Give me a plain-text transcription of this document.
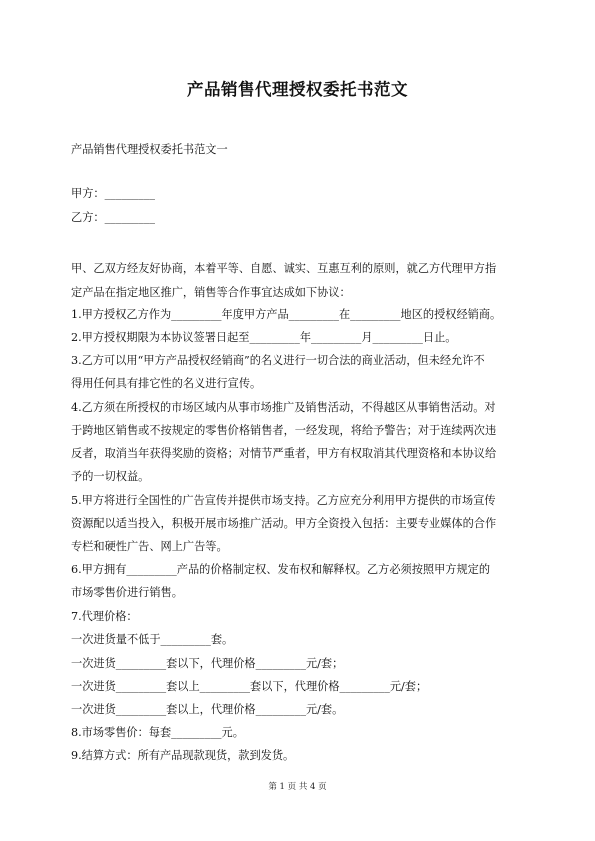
产品销售代理授权委托书范文
产品销售代理授权委托书范文一
甲方：_________
乙方：_________
甲、乙双方经友好协商，本着平等、自愿、诚实、互惠互利的原则，就乙方代理甲方指
定产品在指定地区推广，销售等合作事宜达成如下协议：
1.甲方授权乙方作为_________年度甲方产品_________在_________地区的授权经销商。
2.甲方授权期限为本协议签署日起至_________年_________月_________日止。
3.乙方可以用“甲方产品授权经销商”的名义进行一切合法的商业活动，但未经允许不
得用任何具有排它性的名义进行宣传。
4.乙方须在所授权的市场区域内从事市场推广及销售活动，不得越区从事销售活动。对
于跨地区销售或不按规定的零售价格销售者，一经发现，将给予警告；对于连续两次违
反者，取消当年获得奖励的资格；对情节严重者，甲方有权取消其代理资格和本协议给
予的一切权益。
5.甲方将进行全国性的广告宣传并提供市场支持。乙方应充分利用甲方提供的市场宣传
资源配以适当投入，积极开展市场推广活动。甲方全资投入包括：主要专业媒体的合作
专栏和硬性广告、网上广告等。
6.甲方拥有_________产品的价格制定权、发布权和解释权。乙方必须按照甲方规定的
市场零售价进行销售。
7.代理价格：
一次进货量不低于_________套。
一次进货_________套以下，代理价格_________元/套；
一次进货_________套以上_________套以下，代理价格_________元/套；
一次进货_________套以上，代理价格_________元/套。
8.市场零售价：每套_________元。
9.结算方式：所有产品现款现货，款到发货。
第 1 页 共 4 页
